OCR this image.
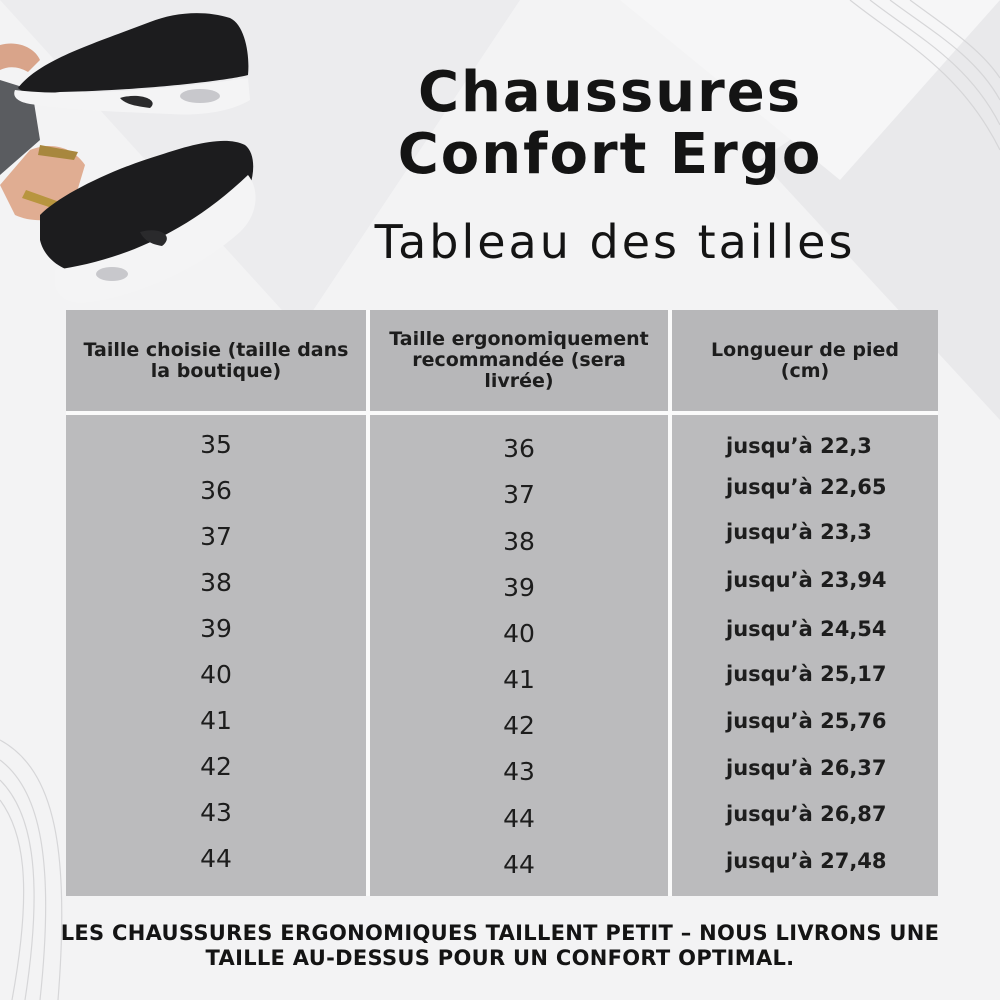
Chaussures
Confort Ergo
Tableau des tailles
Taille choisie (taille dans la boutique)
35
36
37
38
39
40
41
42
43
44
Taille ergonomiquement recommandée (sera livrée)
36
37
38
39
40
41
42
43
44
44
Longueur de pied (cm)
jusqu’à 22,3
jusqu’à 22,65
jusqu’à 23,3
jusqu’à 23,94
jusqu’à 24,54
jusqu’à 25,17
jusqu’à 25,76
jusqu’à 26,37
jusqu’à 26,87
jusqu’à 27,48

LES CHAUSSURES ERGONOMIQUES TAILLENT PETIT – NOUS LIVRONS UNE TAILLE AU-DESSUS POUR UN CONFORT OPTIMAL.
